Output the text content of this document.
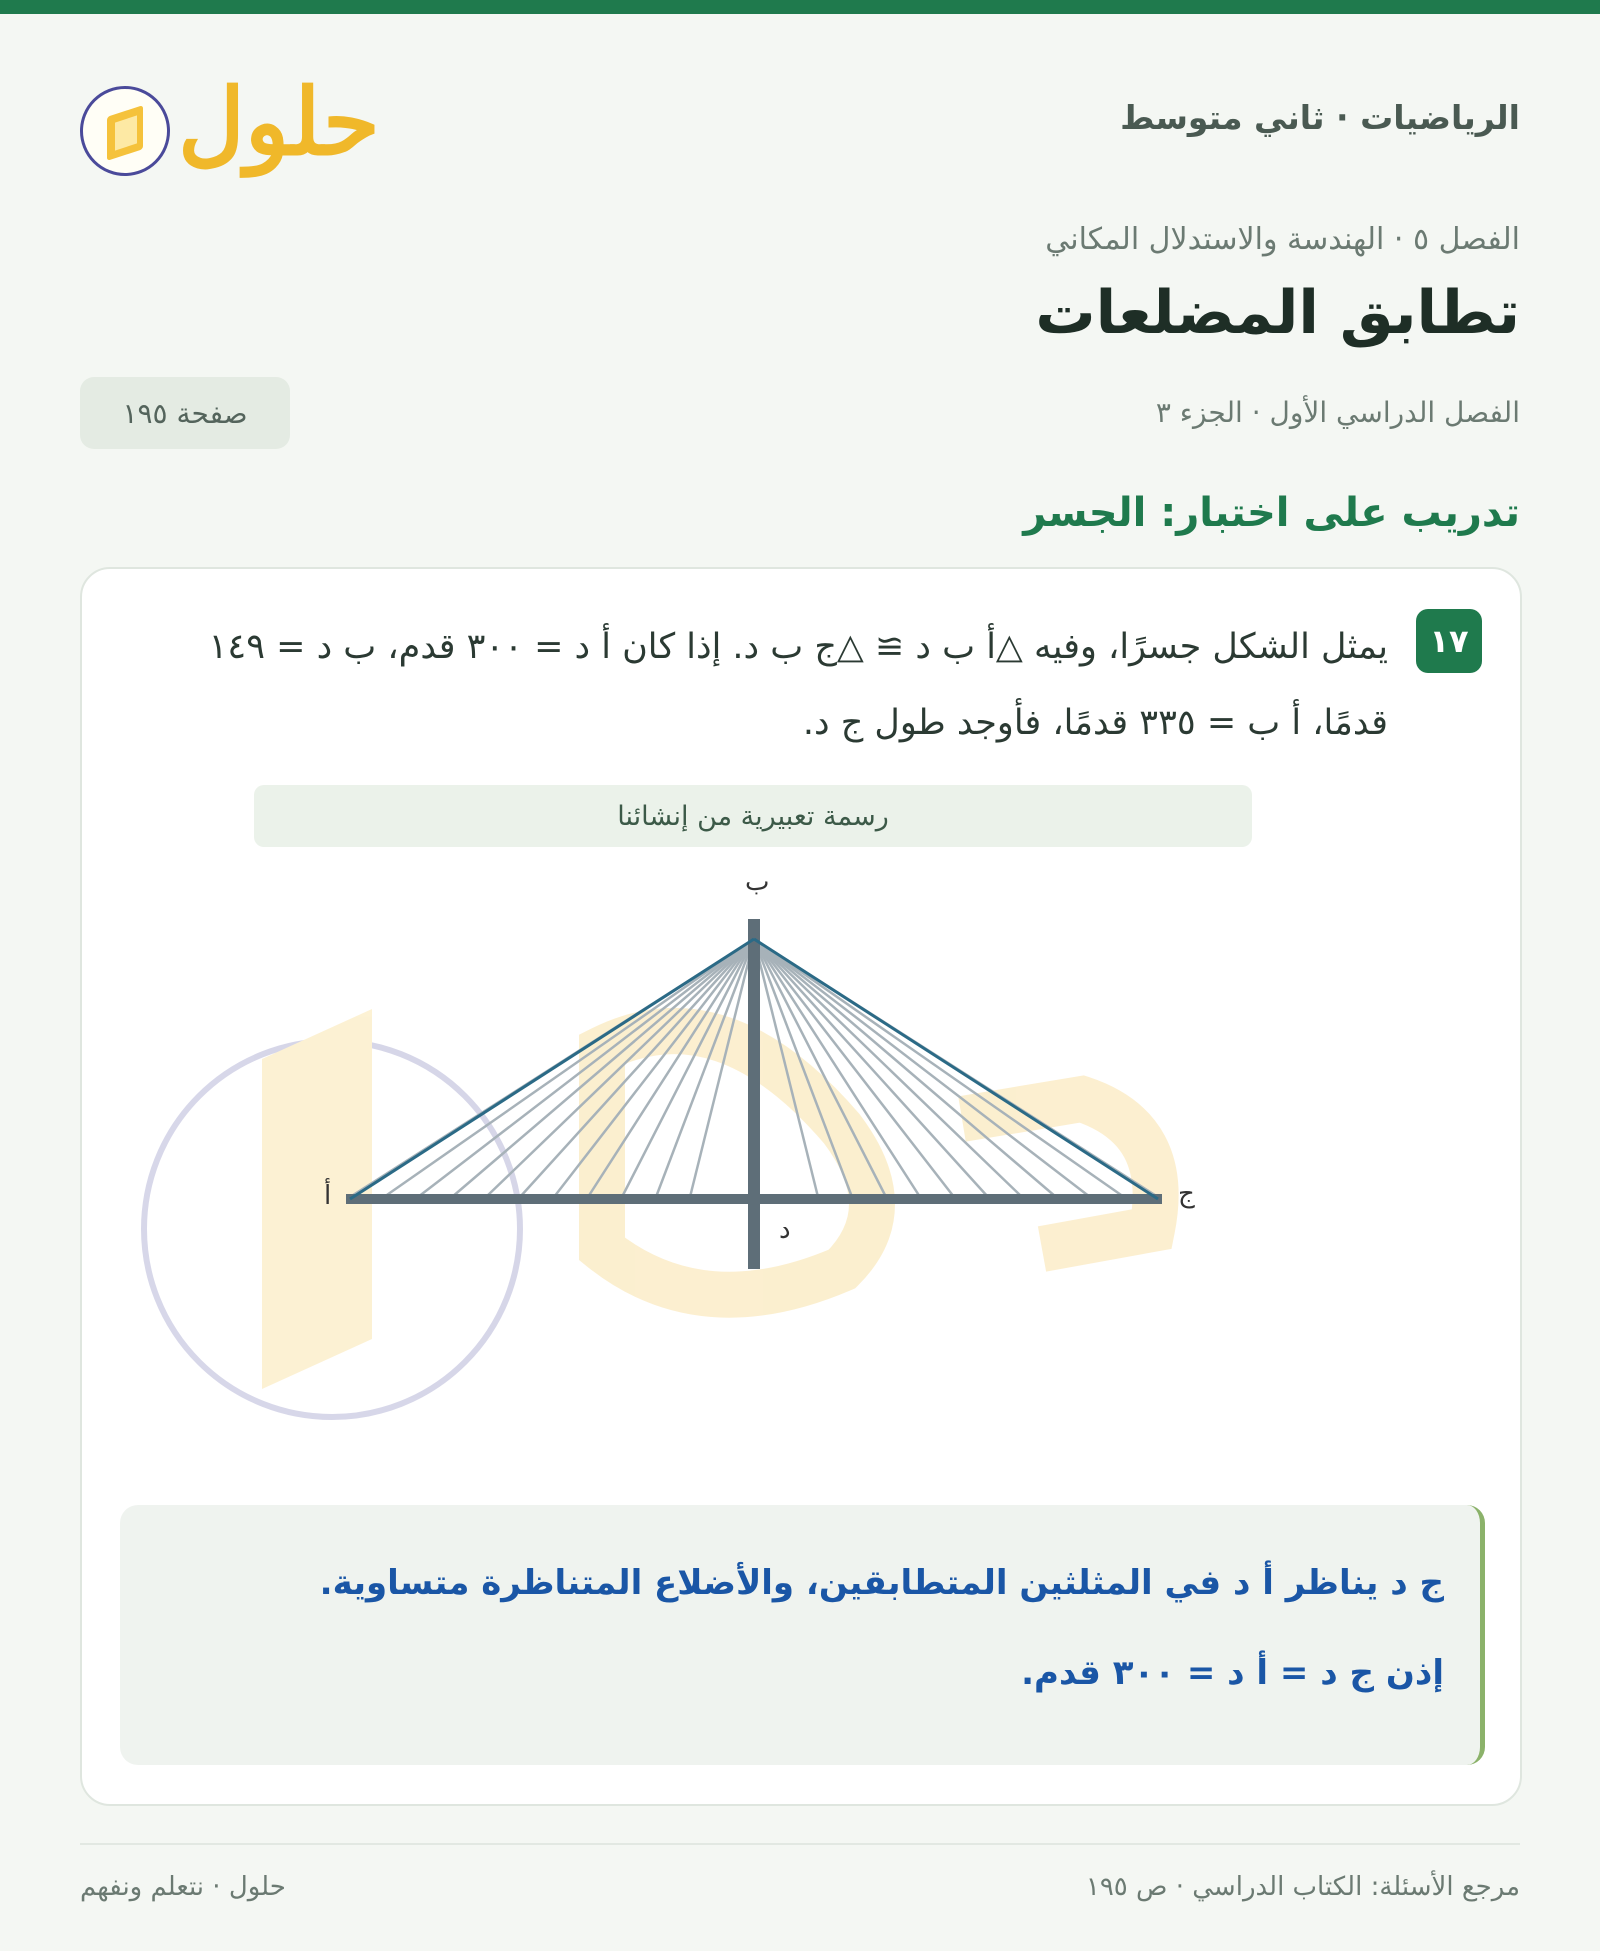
الرياضيات · ثاني متوسط
حلول
الفصل ٥ · الهندسة والاستدلال المكاني
تطابق المضلعات
الفصل الدراسي الأول · الجزء ٣
صفحة ١٩٥
تدريب على اختبار: الجسر
١٧
يمثل الشكل جسرًا، وفيه △أ ب د ≅ △ج ب د. إذا كان أ د = ٣٠٠ قدم، ب د = ١٤٩ قدمًا، أ ب = ٣٣٥ قدمًا، فأوجد طول ج د.
رسمة تعبيرية من إنشائنا
ب
أ	ج
د
ج د يناظر أ د في المثلثين المتطابقين، والأضلاع المتناظرة متساوية.
إذن ج د = أ د = ٣٠٠ قدم.
حلول · نتعلم ونفهم	مرجع الأسئلة: الكتاب الدراسي · ص ١٩٥
